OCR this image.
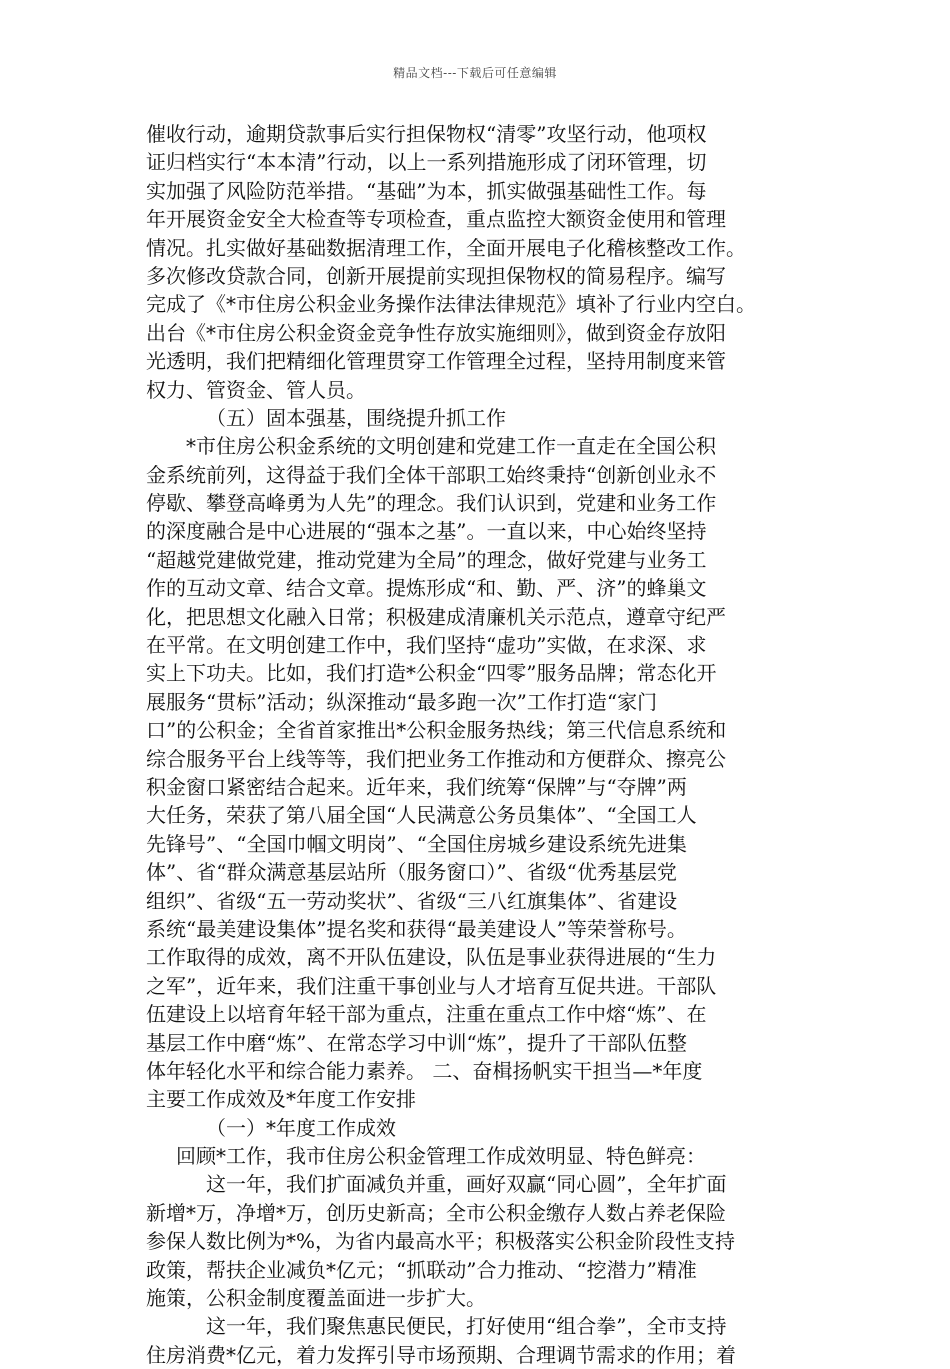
精品文档---下载后可任意编辑
催收行动，逾期贷款事后实行担保物权“清零”攻坚行动，他项权
证归档实行“本本清”行动，以上一系列措施形成了闭环管理，切
实加强了风险防范举措。“基础”为本，抓实做强基础性工作。每
年开展资金安全大检查等专项检查，重点监控大额资金使用和管理
情况。扎实做好基础数据清理工作，全面开展电子化稽核整改工作。
多次修改贷款合同，创新开展提前实现担保物权的简易程序。编写
完成了《*市住房公积金业务操作法律法律规范》填补了行业内空白。
出台《*市住房公积金资金竞争性存放实施细则》，做到资金存放阳
光透明，我们把精细化管理贯穿工作管理全过程，坚持用制度来管
权力、管资金、管人员。
（五）固本强基，围绕提升抓工作
*市住房公积金系统的文明创建和党建工作一直走在全国公积
金系统前列，这得益于我们全体干部职工始终秉持“创新创业永不
停歇、攀登高峰勇为人先”的理念。我们认识到，党建和业务工作
的深度融合是中心进展的“强本之基”。一直以来，中心始终坚持
“超越党建做党建，推动党建为全局”的理念，做好党建与业务工
作的互动文章、结合文章。提炼形成“和、勤、严、济”的蜂巢文
化，把思想文化融入日常；积极建成清廉机关示范点，遵章守纪严
在平常。在文明创建工作中，我们坚持“虚功”实做，在求深、求
实上下功夫。比如，我们打造*公积金“四零”服务品牌；常态化开
展服务“贯标”活动；纵深推动“最多跑一次”工作打造“家门
口”的公积金；全省首家推出*公积金服务热线；第三代信息系统和
综合服务平台上线等等，我们把业务工作推动和方便群众、擦亮公
积金窗口紧密结合起来。近年来，我们统筹“保牌”与“夺牌”两
大任务，荣获了第八届全国“人民满意公务员集体”、“全国工人
先锋号”、“全国巾帼文明岗”、“全国住房城乡建设系统先进集
体”、省“群众满意基层站所（服务窗口）”、省级“优秀基层党
组织”、省级“五一劳动奖状”、省级“三八红旗集体”、省建设
系统“最美建设集体”提名奖和获得“最美建设人”等荣誉称号。
工作取得的成效，离不开队伍建设，队伍是事业获得进展的“生力
之军”，近年来，我们注重干事创业与人才培育互促共进。干部队
伍建设上以培育年轻干部为重点，注重在重点工作中熔“炼”、在
基层工作中磨“炼”、在常态学习中训“炼”，提升了干部队伍整
体年轻化水平和综合能力素养。 二、奋楫扬帆实干担当—*年度
主要工作成效及*年度工作安排
（一）*年度工作成效
回顾*工作，我市住房公积金管理工作成效明显、特色鲜亮：
这一年，我们扩面减负并重，画好双赢“同心圆”，全年扩面
新增*万，净增*万，创历史新高；全市公积金缴存人数占养老保险
参保人数比例为*%，为省内最高水平；积极落实公积金阶段性支持
政策，帮扶企业减负*亿元；“抓联动”合力推动、“挖潜力”精准
施策，公积金制度覆盖面进一步扩大。
这一年，我们聚焦惠民便民，打好使用“组合拳”，全市支持
住房消费*亿元，着力发挥引导市场预期、合理调节需求的作用；着
